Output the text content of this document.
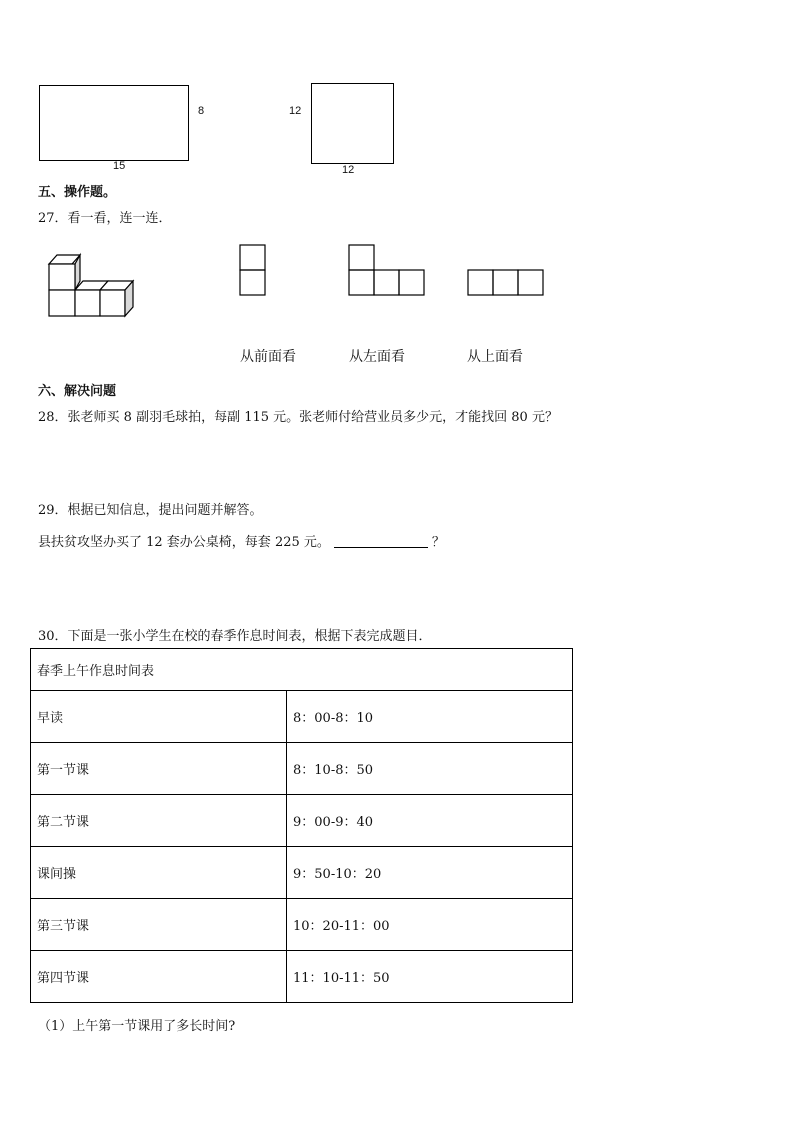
8
15
12
12
五、操作题。
27．看一看，连一连．
从前面看	从左面看	从上面看
六、解决问题
28．张老师买 8 副羽毛球拍，每副 115 元。张老师付给营业员多少元，才能找回 80 元？
29．根据已知信息，提出问题并解答。
县扶贫攻坚办买了 12 套办公桌椅，每套 225 元。	？
30．下面是一张小学生在校的春季作息时间表，根据下表完成题目．
春季上午作息时间表	
早读	8：00-8：10
第一节课	8：10-8：50
第二节课	9：00-9：40
课间操	9：50-10：20
第三节课	10：20-11：00
第四节课	11：10-11：50
（1）上午第一节课用了多长时间?
